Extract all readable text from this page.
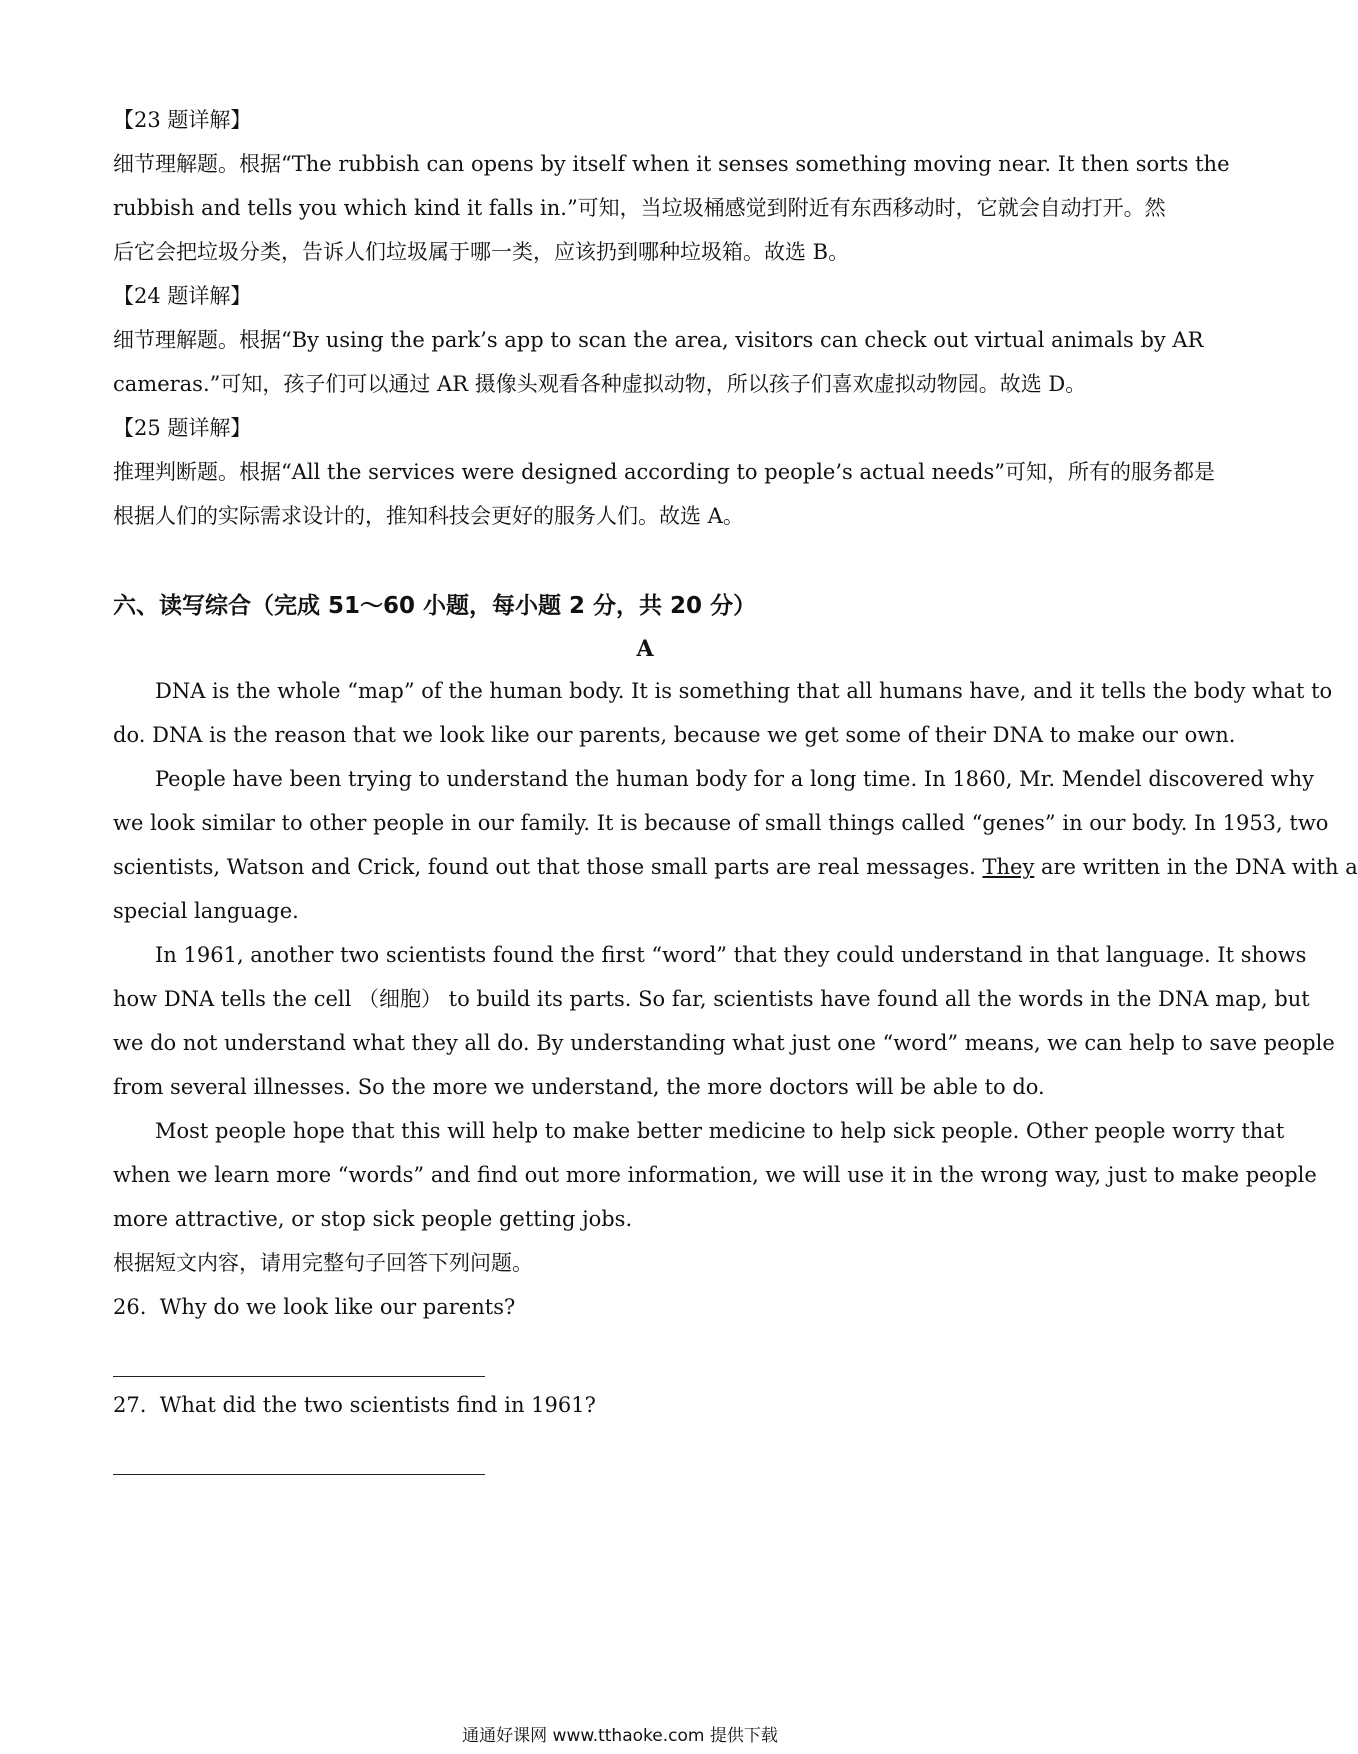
【23 题详解】
细节理解题。根据“The rubbish can opens by itself when it senses something moving near. It then sorts the
rubbish and tells you which kind it falls in.”可知，当垃圾桶感觉到附近有东西移动时，它就会自动打开。然
后它会把垃圾分类，告诉人们垃圾属于哪一类，应该扔到哪种垃圾箱。故选 B。
【24 题详解】
细节理解题。根据“By using the park’s app to scan the area, visitors can check out virtual animals by AR
cameras.”可知，孩子们可以通过 AR 摄像头观看各种虚拟动物，所以孩子们喜欢虚拟动物园。故选 D。
【25 题详解】
推理判断题。根据“All the services were designed according to people’s actual needs”可知，所有的服务都是
根据人们的实际需求设计的，推知科技会更好的服务人们。故选 A。
六、读写综合（完成 51～60 小题，每小题 2 分，共 20 分）
A
DNA is the whole “map” of the human body. It is something that all humans have, and it tells the body what to
do. DNA is the reason that we look like our parents, because we get some of their DNA to make our own.
People have been trying to understand the human body for a long time. In 1860, Mr. Mendel discovered why
we look similar to other people in our family. It is because of small things called “genes” in our body. In 1953, two
scientists, Watson and Crick, found out that those small parts are real messages. They are written in the DNA with a
special language.
In 1961, another two scientists found the first “word” that they could understand in that language. It shows
how DNA tells the cell （细胞） to build its parts. So far, scientists have found all the words in the DNA map, but
we do not understand what they all do. By understanding what just one “word” means, we can help to save people
from several illnesses. So the more we understand, the more doctors will be able to do.
Most people hope that this will help to make better medicine to help sick people. Other people worry that
when we learn more “words” and find out more information, we will use it in the wrong way, just to make people
more attractive, or stop sick people getting jobs.
根据短文内容，请用完整句子回答下列问题。
26. Why do we look like our parents?
27. What did the two scientists find in 1961?
通通好课网 www.tthaoke.com 提供下载
